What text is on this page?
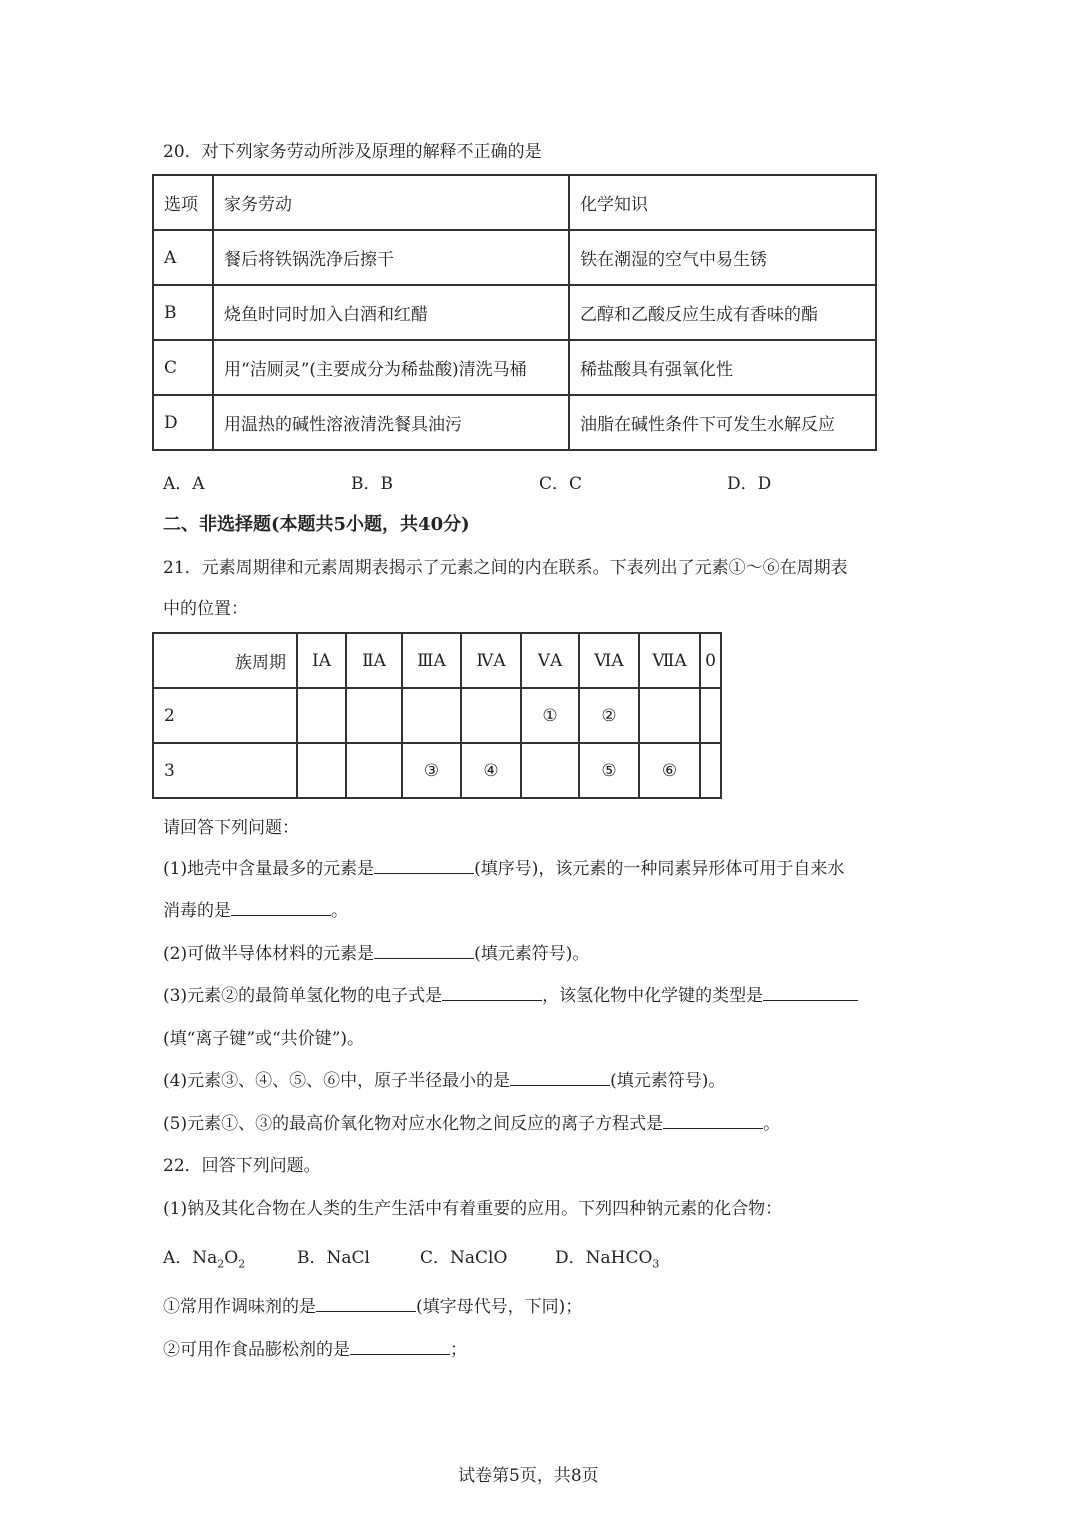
20．对下列家务劳动所涉及原理的解释不正确的是
选项	家务劳动	化学知识
A	餐后将铁锅洗净后擦干	铁在潮湿的空气中易生锈
B	烧鱼时同时加入白酒和红醋	乙醇和乙酸反应生成有香味的酯
C	用“洁厕灵”(主要成分为稀盐酸)清洗马桶	稀盐酸具有强氧化性
D	用温热的碱性溶液清洗餐具油污	油脂在碱性条件下可发生水解反应
A．A	B．B	C．C	D．D
二、非选择题(本题共5小题，共40分)
21．元素周期律和元素周期表揭示了元素之间的内在联系。下表列出了元素①～⑥在周期表
中的位置：
族周期	ⅠA	ⅡA	ⅢA	ⅣA	ⅤA	ⅥA	ⅦA	0
2					①	②		
3			③	④		⑤	⑥	
请回答下列问题：
(1)地壳中含量最多的元素是	(填序号)，该元素的一种同素异形体可用于自来水
消毒的是	。
(2)可做半导体材料的元素是	(填元素符号)。
(3)元素②的最简单氢化物的电子式是	，该氢化物中化学键的类型是
(填“离子键”或“共价键”)。
(4)元素③、④、⑤、⑥中，原子半径最小的是	(填元素符号)。
(5)元素①、③的最高价氧化物对应水化物之间反应的离子方程式是	。
22．回答下列问题。
(1)钠及其化合物在人类的生产生活中有着重要的应用。下列四种钠元素的化合物：
A．$Na_2O_2$	B．NaCl	C．NaClO	D．NaHCO$_3$
①常用作调味剂的是	(填字母代号，下同)；
②可用作食品膨松剂的是	；
试卷第5页，共8页
